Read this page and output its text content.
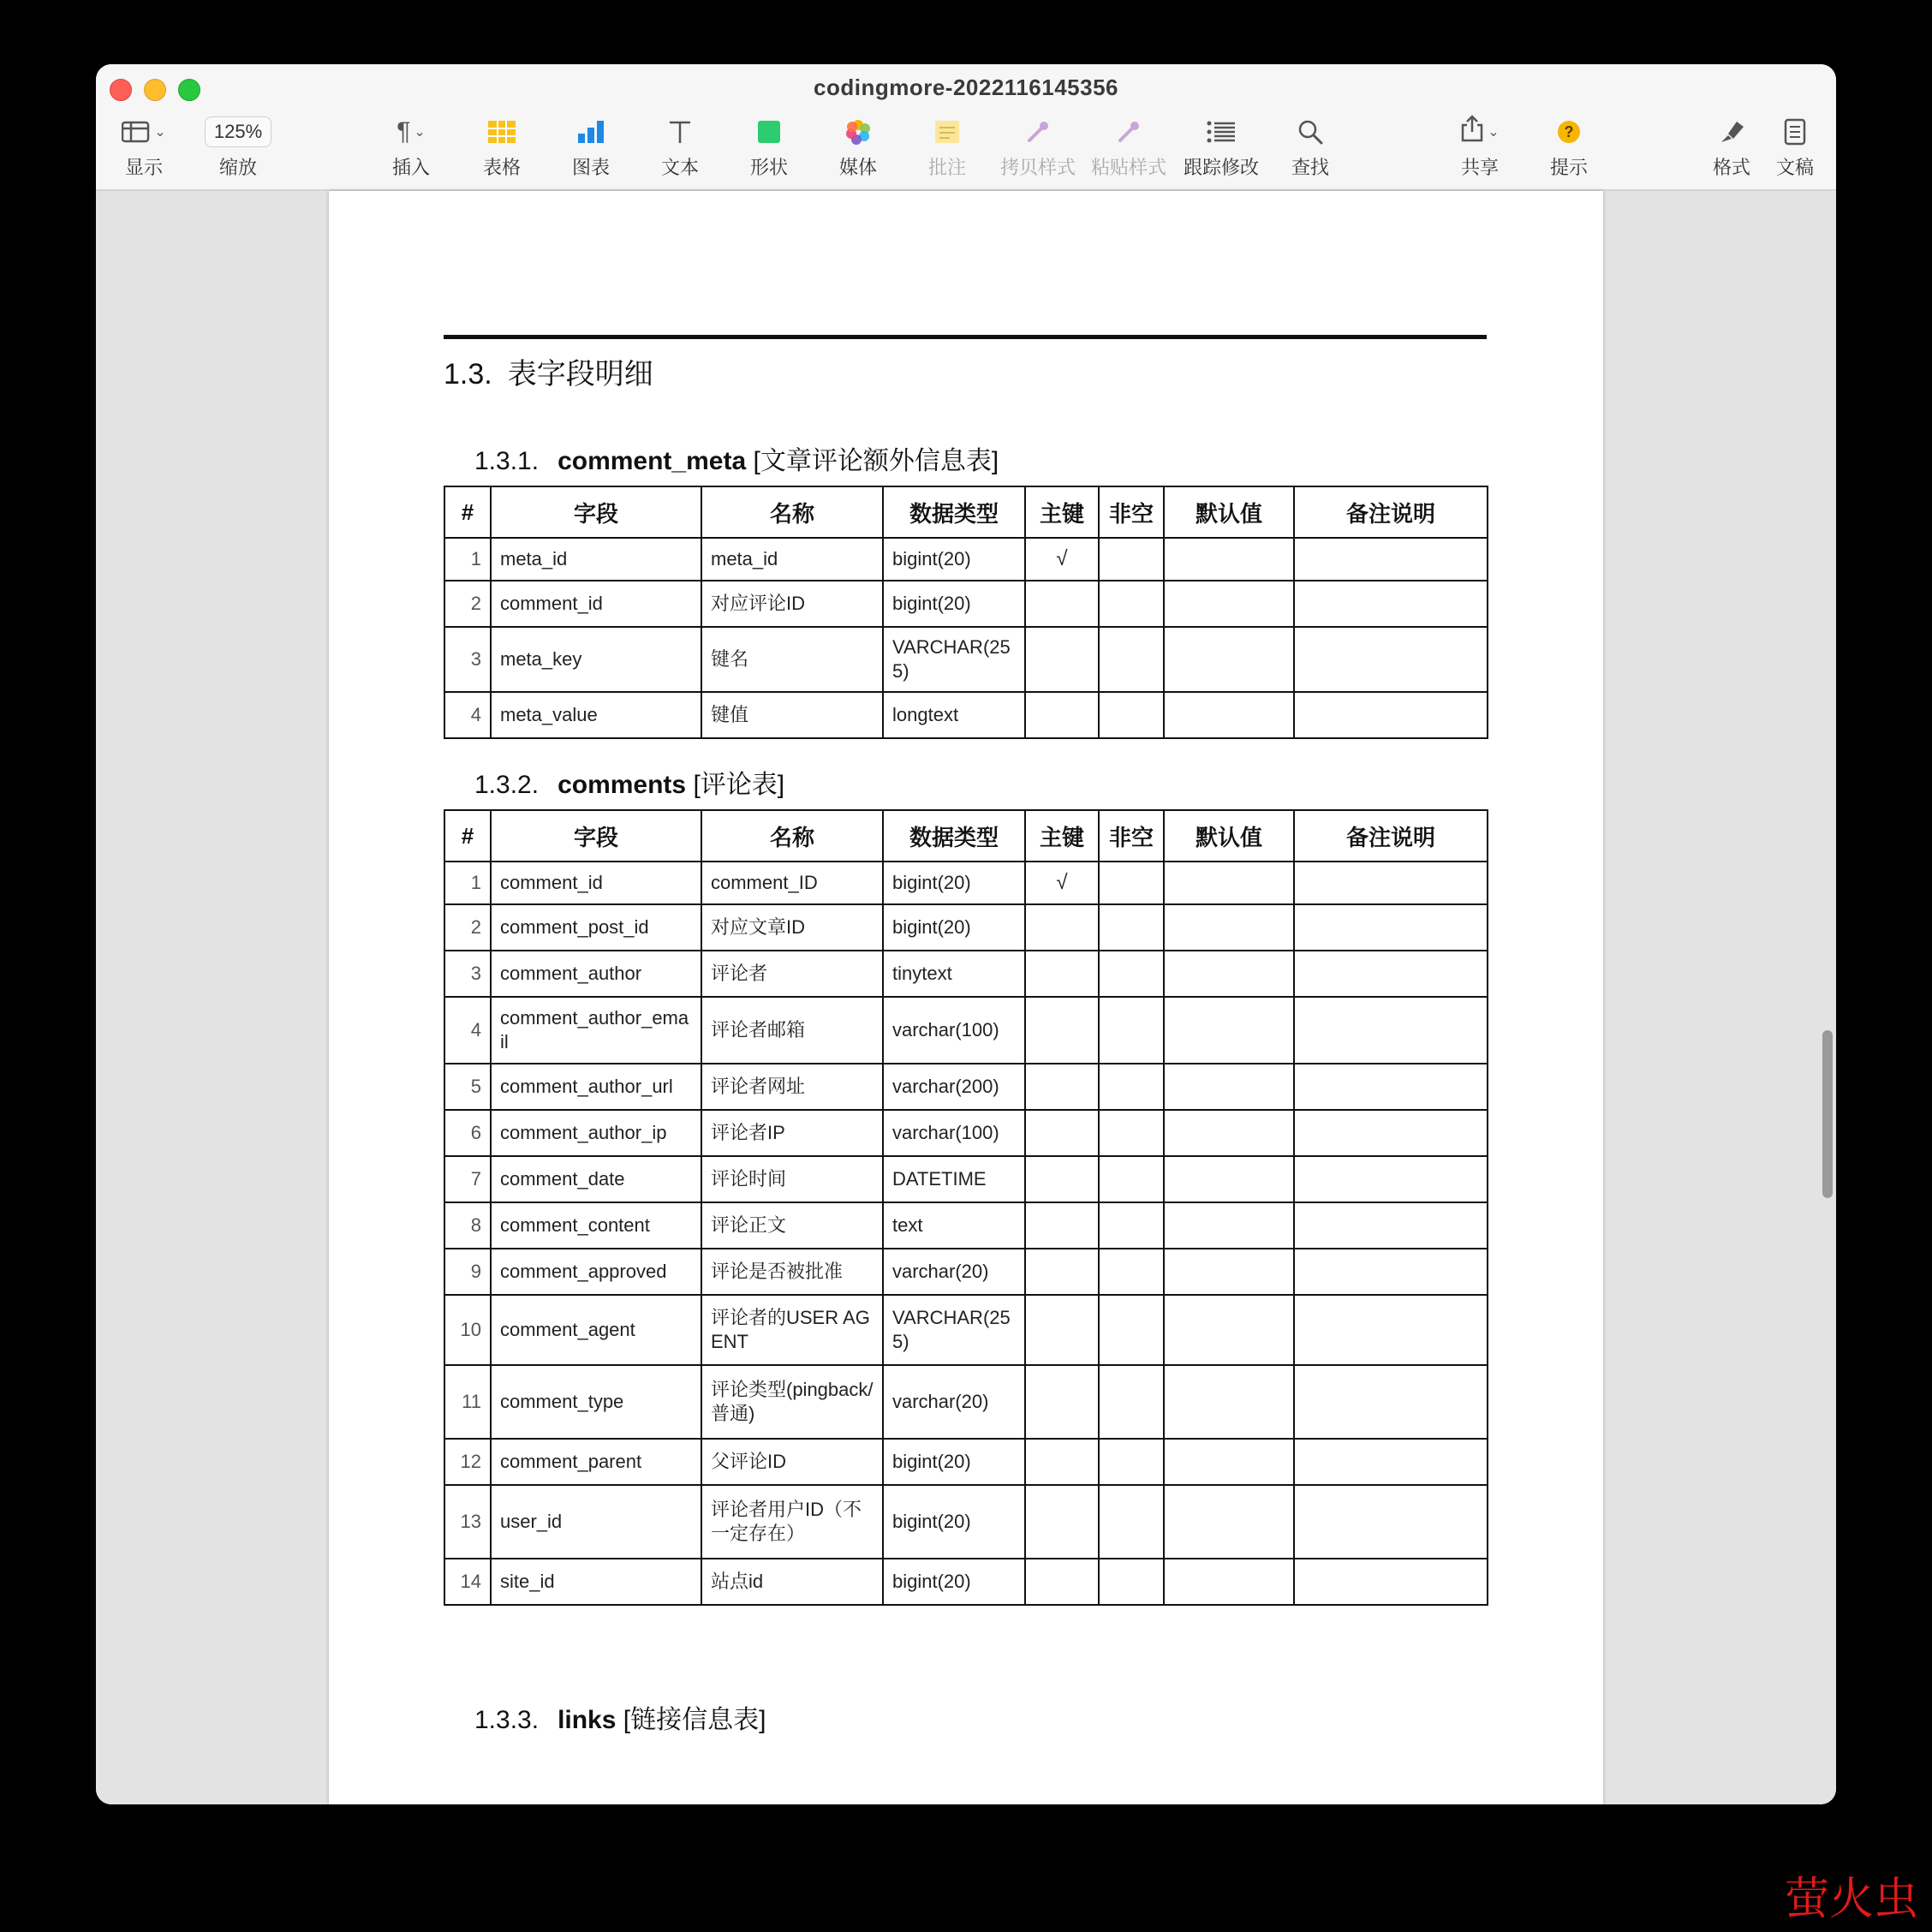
codingmore-2022116145356
⌄
显示
125%
缩放
¶ ⌄
插入	表格	图表	文本	形状	媒体	批注	拷贝样式 粘贴样式 跟踪修改	查找
⌄
共享
?
提示	格式	文稿
1.3. 表字段明细
1.3.1. comment_meta [文章评论额外信息表]
#	字段	名称	数据类型	主键	非空	默认值	备注说明
1	meta_id	meta_id	bigint(20)	√			
2	comment_id	对应评论ID	bigint(20)				
3	meta_key	键名	VARCHAR(255)				
4	meta_value	键值	longtext				
1.3.2. comments [评论表]
#	字段	名称	数据类型	主键	非空	默认值	备注说明
1	comment_id	comment_ID	bigint(20)	√			
2	comment_post_id	对应文章ID	bigint(20)				
3	comment_author	评论者	tinytext				
4	comment_author_email	评论者邮箱	varchar(100)				
5	comment_author_url	评论者网址	varchar(200)				
6	comment_author_ip	评论者IP	varchar(100)				
7	comment_date	评论时间	DATETIME				
8	comment_content	评论正文	text				
9	comment_approved	评论是否被批准	varchar(20)				
10	comment_agent	评论者的USER AGENT	VARCHAR(255)				
11	comment_type	评论类型(pingback/普通)	varchar(20)				
12	comment_parent	父评论ID	bigint(20)				
13	user_id	评论者用户ID（不一定存在）	bigint(20)				
14	site_id	站点id	bigint(20)				
1.3.3. links [链接信息表]
萤火虫
